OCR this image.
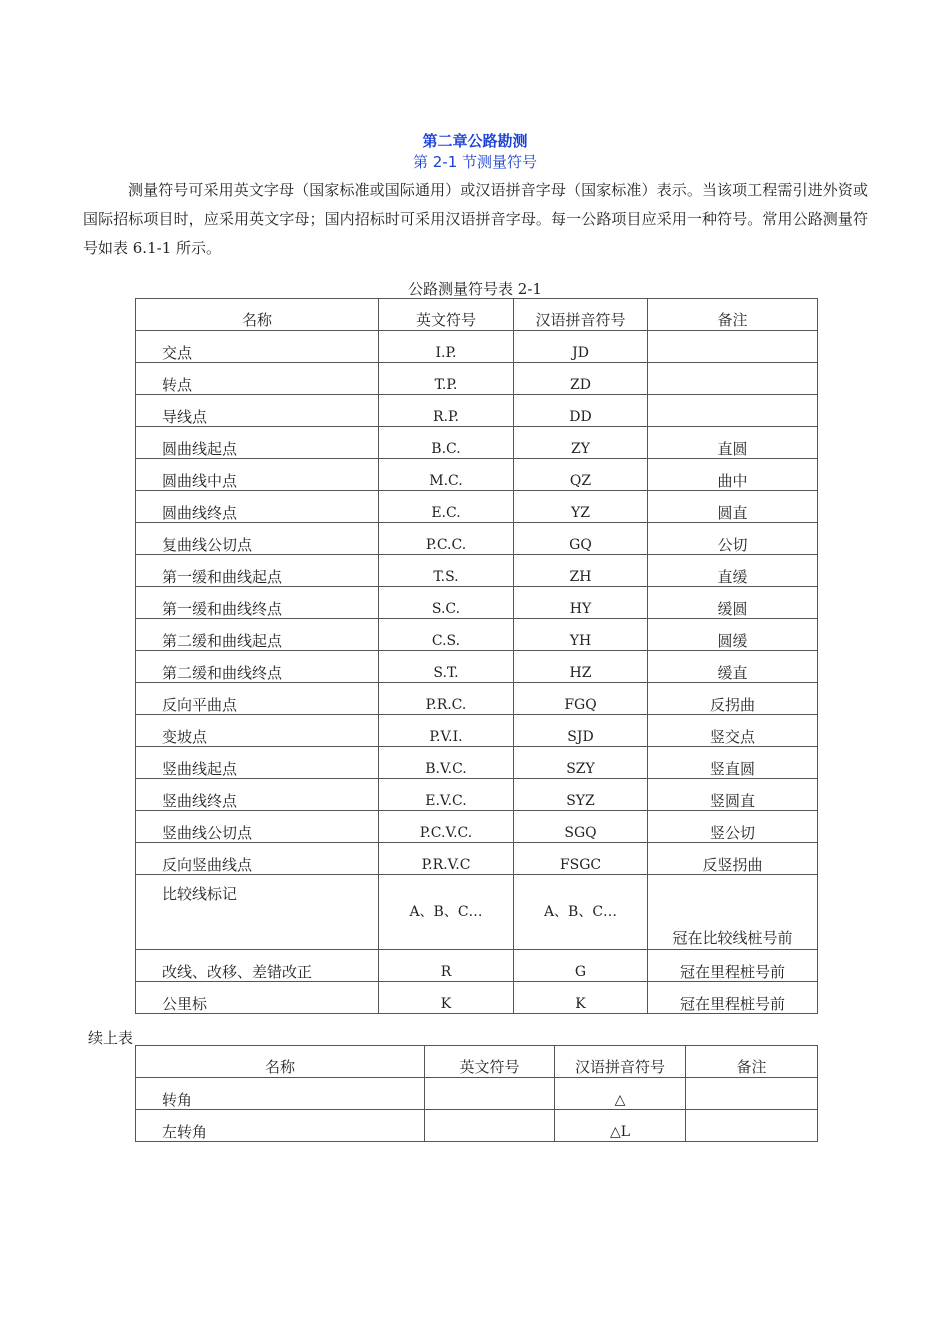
第二章公路勘测
第 2-1 节测量符号
测量符号可采用英文字母（国家标准或国际通用）或汉语拼音字母（国家标准）表示。当该项工程需引进外资或国际招标项目时，应采用英文字母；国内招标时可采用汉语拼音字母。每一公路项目应采用一种符号。常用公路测量符号如表 6.1-1 所示。
公路测量符号表 2-1
名称	英文符号	汉语拼音符号	备注
交点	I.P.	JD	
转点	T.P.	ZD	
导线点	R.P.	DD	
圆曲线起点	B.C.	ZY	直圆
圆曲线中点	M.C.	QZ	曲中
圆曲线终点	E.C.	YZ	圆直
复曲线公切点	P.C.C.	GQ	公切
第一缓和曲线起点	T.S.	ZH	直缓
第一缓和曲线终点	S.C.	HY	缓圆
第二缓和曲线起点	C.S.	YH	圆缓
第二缓和曲线终点	S.T.	HZ	缓直
反向平曲点	P.R.C.	FGQ	反拐曲
变坡点	P.V.I.	SJD	竖交点
竖曲线起点	B.V.C.	SZY	竖直圆
竖曲线终点	E.V.C.	SYZ	竖圆直
竖曲线公切点	P.C.V.C.	SGQ	竖公切
反向竖曲线点	P.R.V.C	FSGC	反竖拐曲
比较线标记	A、B、C…	A、B、C…	冠在比较线桩号前
改线、改移、差错改正	R	G	冠在里程桩号前
公里标	K	K	冠在里程桩号前
续上表
名称	英文符号	汉语拼音符号	备注
转角		△	
左转角		△L	
